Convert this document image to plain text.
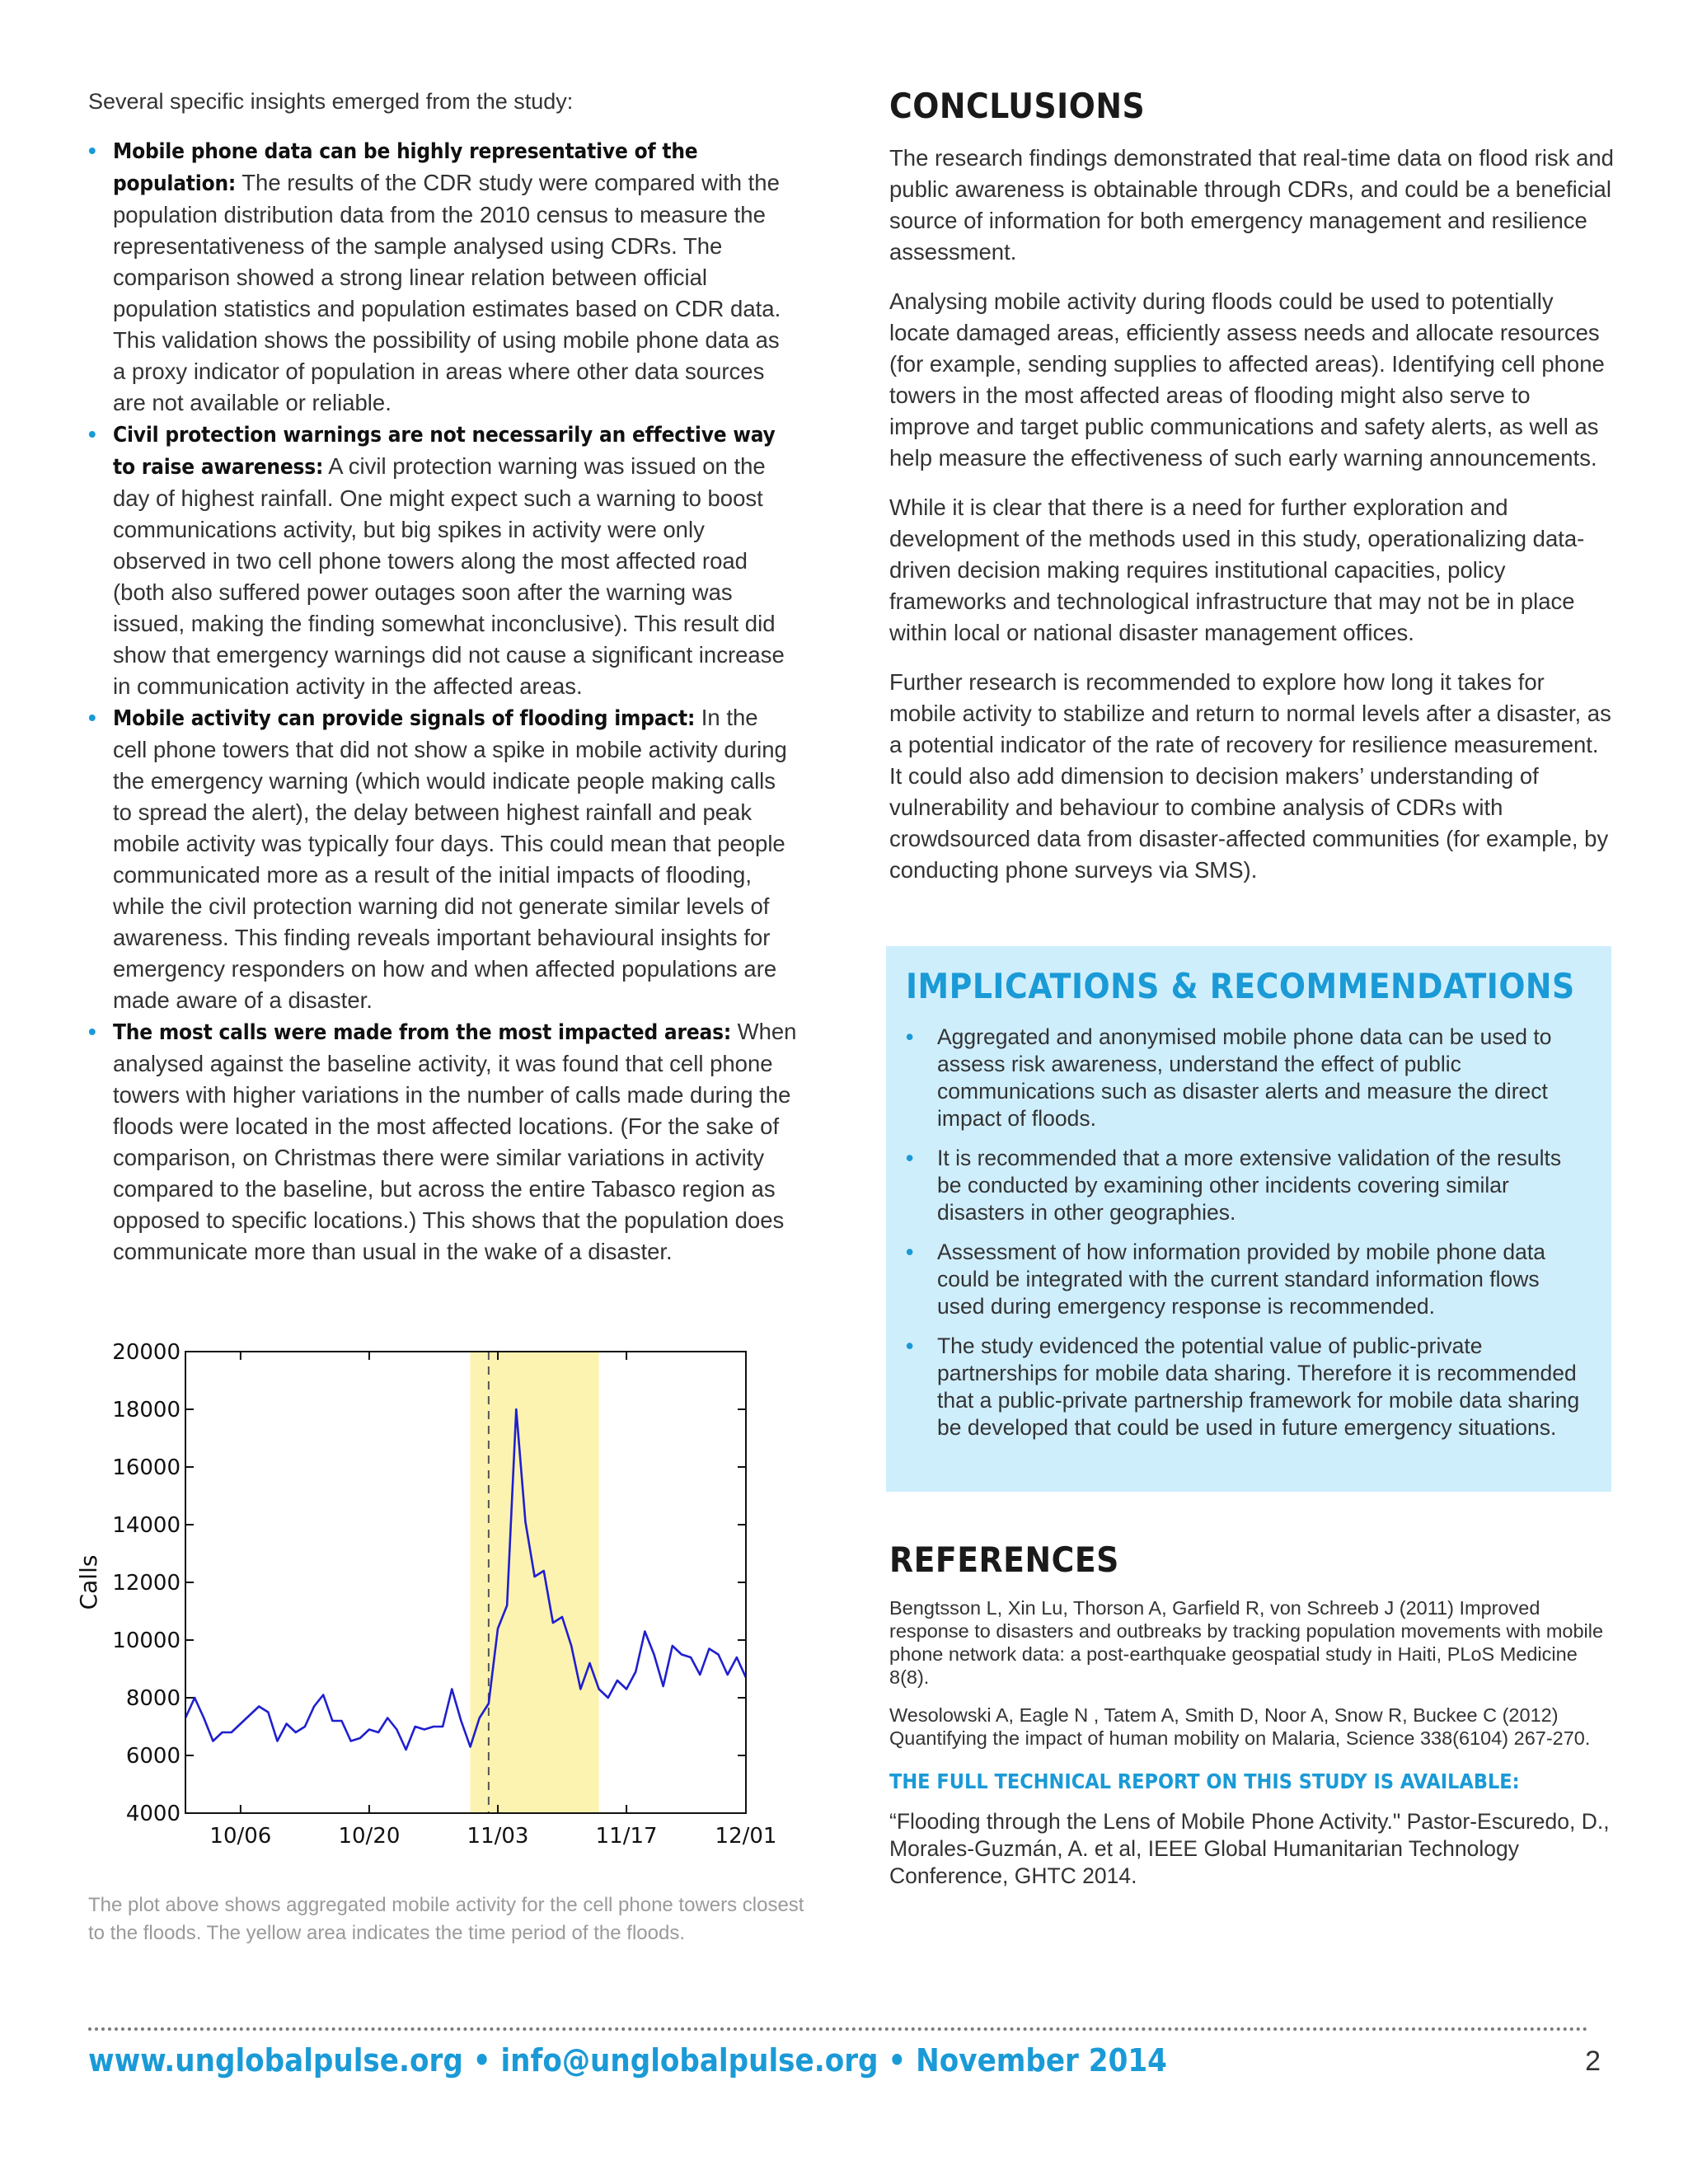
Several specific insights emerged from the study:

• Mobile phone data can be highly representative of the population: The results of the CDR study were compared with the population distribution data from the 2010 census to measure the representativeness of the sample analysed using CDRs. The comparison showed a strong linear relation between official population statistics and population estimates based on CDR data. This validation shows the possibility of using mobile phone data as a proxy indicator of population in areas where other data sources are not available or reliable.
• Civil protection warnings are not necessarily an effective way to raise awareness: A civil protection warning was issued on the day of highest rainfall. One might expect such a warning to boost communications activity, but big spikes in activity were only observed in two cell phone towers along the most affected road (both also suffered power outages soon after the warning was issued, making the finding somewhat inconclusive). This result did show that emergency warnings did not cause a significant increase in communication activity in the affected areas.
• Mobile activity can provide signals of flooding impact: In the cell phone towers that did not show a spike in mobile activity during the emergency warning (which would indicate people making calls to spread the alert), the delay between highest rainfall and peak mobile activity was typically four days. This could mean that people communicated more as a result of the initial impacts of flooding, while the civil protection warning did not generate similar levels of awareness. This finding reveals important behavioural insights for emergency responders on how and when affected populations are made aware of a disaster.
• The most calls were made from the most impacted areas: When analysed against the baseline activity, it was found that cell phone towers with higher variations in the number of calls made during the floods were located in the most affected locations. (For the sake of comparison, on Christmas there were similar variations in activity compared to the baseline, but across the entire Tabasco region as opposed to specific locations.) This shows that the population does communicate more than usual in the wake of a disaster.
4000
6000
8000
10000
12000
14000
16000
18000
20000
10/06	10/20	11/03	11/17	12/01
Calls
The plot above shows aggregated mobile activity for the cell phone towers closest to the floods. The yellow area indicates the time period of the floods.
CONCLUSIONS

The research findings demonstrated that real-time data on flood risk and public awareness is obtainable through CDRs, and could be a beneficial source of information for both emergency management and resilience assessment.

Analysing mobile activity during floods could be used to potentially locate damaged areas, efficiently assess needs and allocate resources (for example, sending supplies to affected areas). Identifying cell phone towers in the most affected areas of flooding might also serve to improve and target public communications and safety alerts, as well as help measure the effectiveness of such early warning announcements.

While it is clear that there is a need for further exploration and development of the methods used in this study, operationalizing data-driven decision making requires institutional capacities, policy frameworks and technological infrastructure that may not be in place within local or national disaster management offices.

Further research is recommended to explore how long it takes for mobile activity to stabilize and return to normal levels after a disaster, as a potential indicator of the rate of recovery for resilience measurement. It could also add dimension to decision makers’ understanding of vulnerability and behaviour to combine analysis of CDRs with crowdsourced data from disaster-affected communities (for example, by conducting phone surveys via SMS).

IMPLICATIONS & RECOMMENDATIONS
• Aggregated and anonymised mobile phone data can be used to assess risk awareness, understand the effect of public communications such as disaster alerts and measure the direct impact of floods.
• It is recommended that a more extensive validation of the results be conducted by examining other incidents covering similar disasters in other geographies.
• Assessment of how information provided by mobile phone data could be integrated with the current standard information flows used during emergency response is recommended.
• The study evidenced the potential value of public-private partnerships for mobile data sharing. Therefore it is recommended that a public-private partnership framework for mobile data sharing be developed that could be used in future emergency situations.
REFERENCES

Bengtsson L, Xin Lu, Thorson A, Garfield R, von Schreeb J (2011) Improved response to disasters and outbreaks by tracking population movements with mobile phone network data: a post-earthquake geospatial study in Haiti, PLoS Medicine 8(8).

Wesolowski A, Eagle N , Tatem A, Smith D, Noor A, Snow R, Buckee C (2012) Quantifying the impact of human mobility on Malaria, Science 338(6104) 267-270.

THE FULL TECHNICAL REPORT ON THIS STUDY IS AVAILABLE:
“Flooding through the Lens of Mobile Phone Activity." Pastor-Escuredo, D., Morales-Guzmán, A. et al, IEEE Global Humanitarian Technology Conference, GHTC 2014.
www.unglobalpulse.org • info@unglobalpulse.org • November 2014	2
